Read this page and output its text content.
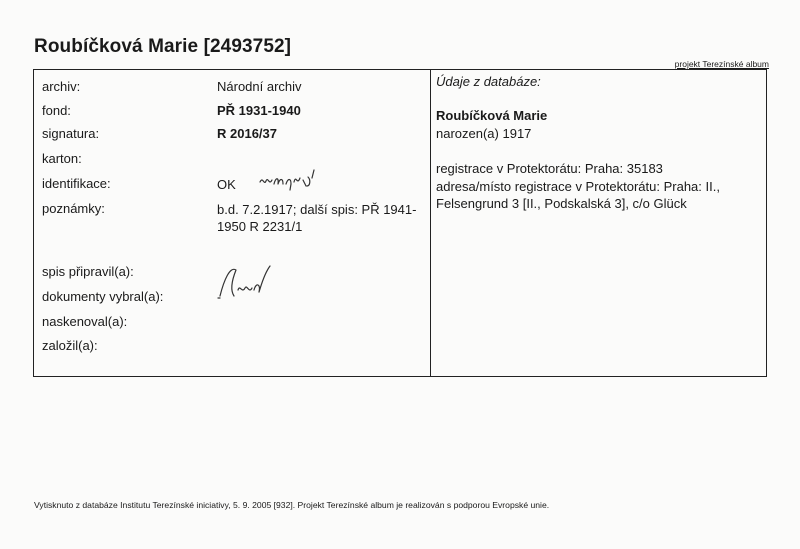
Roubíčková Marie [2493752]
projekt Terezínské album
archiv:
fond:
signatura:
karton:
identifikace:
poznámky:
Národní archiv
PŘ 1931-1940
R 2016/37
OK
b.d. 7.2.1917; další spis: PŘ 1941-1950 R 2231/1
spis připravil(a):
dokumenty vybral(a):
naskenoval(a):
založil(a):
Údaje z databáze:
Roubíčková Marie
narozen(a) 1917
registrace v Protektorátu: Praha: 35183
adresa/místo registrace v Protektorátu: Praha: II., Felsengrund 3 [II., Podskalská 3], c/o Glück
Vytisknuto z databáze Institutu Terezínské iniciativy, 5. 9. 2005 [932]. Projekt Terezínské album je realizován s podporou Evropské unie.
